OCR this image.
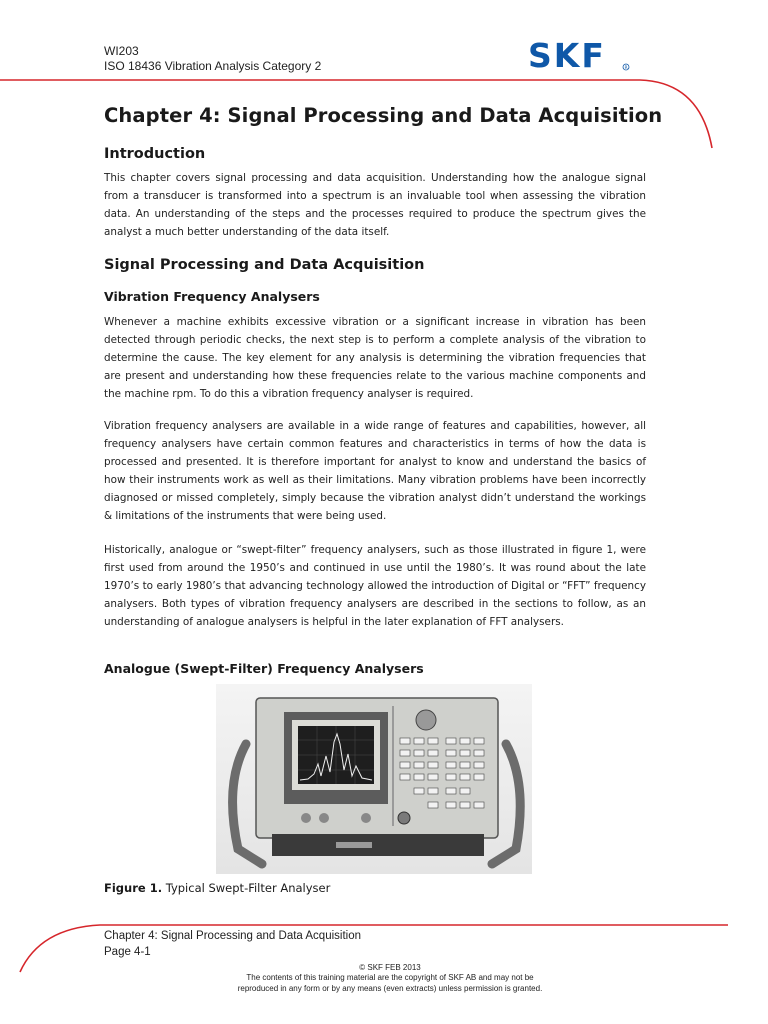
WI203
ISO 18436 Vibration Analysis Category 2	SKF	R
Chapter 4: Signal Processing and Data Acquisition
Introduction
This chapter covers signal processing and data acquisition. Understanding how the analogue signal from a transducer is transformed into a spectrum is an invaluable tool when assessing the vibration data. An understanding of the steps and the processes required to produce the spectrum gives the analyst a much better understanding of the data itself.
Signal Processing and Data Acquisition
Vibration Frequency Analysers
Whenever a machine exhibits excessive vibration or a significant increase in vibration has been detected through periodic checks, the next step is to perform a complete analysis of the vibration to determine the cause. The key element for any analysis is determining the vibration frequencies that are present and understanding how these frequencies relate to the various machine components and the machine rpm. To do this a vibration frequency analyser is required.
Vibration frequency analysers are available in a wide range of features and capabilities, however, all frequency analysers have certain common features and characteristics in terms of how the data is processed and presented. It is therefore important for analyst to know and understand the basics of how their instruments work as well as their limitations. Many vibration problems have been incorrectly diagnosed or missed completely, simply because the vibration analyst didn’t understand the workings & limitations of the instruments that were being used.
Historically, analogue or “swept-filter” frequency analysers, such as those illustrated in figure 1, were first used from around the 1950’s and continued in use until the 1980’s. It was round about the late 1970’s to early 1980’s that advancing technology allowed the introduction of Digital or “FFT” frequency analysers. Both types of vibration frequency analysers are described in the sections to follow, as an understanding of analogue analysers is helpful in the later explanation of FFT analysers.
Analogue (Swept-Filter) Frequency Analysers
Figure 1. Typical Swept-Filter Analyser
Chapter 4: Signal Processing and Data Acquisition
Page 4-1
© SKF FEB 2013
The contents of this training material are the copyright of SKF AB and may not be
reproduced in any form or by any means (even extracts) unless permission is granted.
